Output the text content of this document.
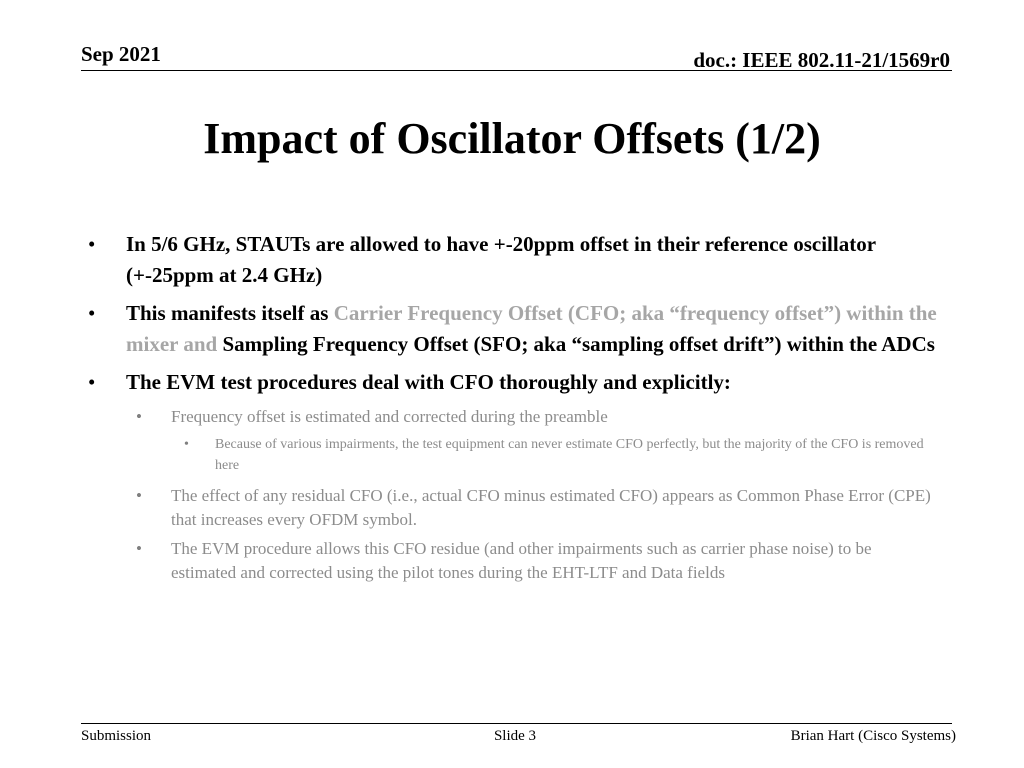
Sep 2021	doc.: IEEE 802.11-21/1569r0
Impact of Oscillator Offsets (1/2)
•	In 5/6 GHz, STAUTs are allowed to have +-20ppm offset in their reference oscillator (+-25ppm at 2.4 GHz)
•	This manifests itself as Carrier Frequency Offset (CFO; aka “frequency offset”) within the mixer and Sampling Frequency Offset (SFO; aka “sampling offset drift”) within the ADCs
•	The EVM test procedures deal with CFO thoroughly and explicitly:
•	Frequency offset is estimated and corrected during the preamble
•	Because of various impairments, the test equipment can never estimate CFO perfectly, but the majority of the CFO is removed here
•	The effect of any residual CFO (i.e., actual CFO minus estimated CFO) appears as Common Phase Error (CPE) that increases every OFDM symbol.
•	The EVM procedure allows this CFO residue (and other impairments such as carrier phase noise) to be estimated and corrected using the pilot tones during the EHT-LTF and Data fields
Submission	Slide 3	Brian Hart (Cisco Systems)
